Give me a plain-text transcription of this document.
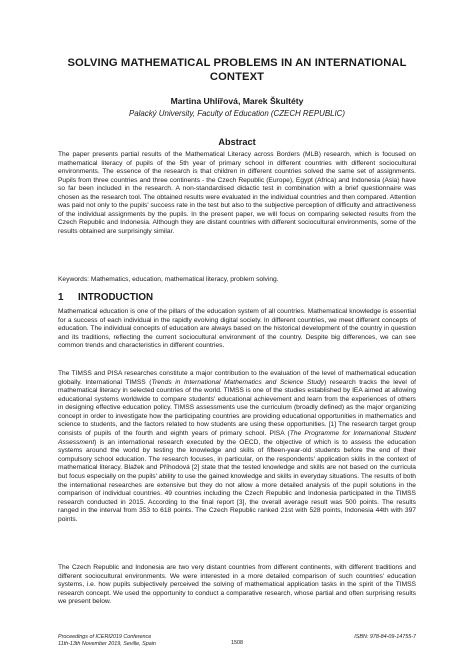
SOLVING MATHEMATICAL PROBLEMS IN AN INTERNATIONAL
CONTEXT
Martina Uhlířová, Marek Škultéty
Palacký University, Faculty of Education (CZECH REPUBLIC)
Abstract

The paper presents partial results of the Mathematical Literacy across Borders (MLB) research, which is focused on mathematical literacy of pupils of the 5th year of primary school in different countries with different sociocultural environments. The essence of the research is that children in different countries solved the same set of assignments. Pupils from three countries and three continents - the Czech Republic (Europe), Egypt (Africa) and Indonesia (Asia) have so far been included in the research. A non-standardised didactic test in combination with a brief questionnaire was chosen as the research tool. The obtained results were evaluated in the individual countries and then compared. Attention was paid not only to the pupils' success rate in the test but also to the subjective perception of difficulty and attractiveness of the individual assignments by the pupils. In the present paper, we will focus on comparing selected results from the Czech Republic and Indonesia. Although they are distant countries with different sociocultural environments, some of the results obtained are surprisingly similar.

Keywords: Mathematics, education, mathematical literacy, problem solving.

1 INTRODUCTION

Mathematical education is one of the pillars of the education system of all countries. Mathematical knowledge is essential for a success of each individual in the rapidly evolving digital society. In different countries, we meet different concepts of education. The individual concepts of education are always based on the historical development of the country in question and its traditions, reflecting the current sociocultural environment of the country. Despite big differences, we can see common trends and characteristics in different countries.

The TIMSS and PISA researches constitute a major contribution to the evaluation of the level of mathematical education globally. International TIMSS (Trends in International Mathematics and Science Study) research tracks the level of mathematical literacy in selected countries of the world. TIMSS is one of the studies established by IEA aimed at allowing educational systems worldwide to compare students' educational achievement and learn from the experiences of others in designing effective education policy. TIMSS assessments use the curriculum (broadly defined) as the major organizing concept in order to investigate how the participating countries are providing educational opportunities in mathematics and science to students, and the factors related to how students are using these opportunities. [1] The research target group consists of pupils of the fourth and eighth years of primary school. PISA (The Programme for International Student Assessment) is an international research executed by the OECD, the objective of which is to assess the education systems around the world by testing the knowledge and skills of fifteen-year-old students before the end of their compulsory school education. The research focuses, in particular, on the respondents' application skills in the context of mathematical literacy. Blažek and Příhodová [2] state that the tested knowledge and skills are not based on the curricula but focus especially on the pupils' ability to use the gained knowledge and skills in everyday situations. The results of both the international researches are extensive but they do not allow a more detailed analysis of the pupil solutions in the comparison of individual countries. 49 countries including the Czech Republic and Indonesia participated in the TIMSS research conducted in 2015. According to the final report [3], the overall average result was 500 points. The results ranged in the interval from 353 to 618 points. The Czech Republic ranked 21st with 528 points, Indonesia 44th with 397 points.

The Czech Republic and Indonesia are two very distant countries from different continents, with different traditions and different sociocultural environments. We were interested in a more detailed comparison of such countries' education systems, i.e. how pupils subjectively perceived the solving of mathematical application tasks in the spirit of the TIMSS research concept. We used the opportunity to conduct a comparative research, whose partial and often surprising results we present below.

Proceedings of ICERI2019 Conference
11th-13th November 2019, Seville, Spain	1508
ISBN: 978-84-09-14755-7
